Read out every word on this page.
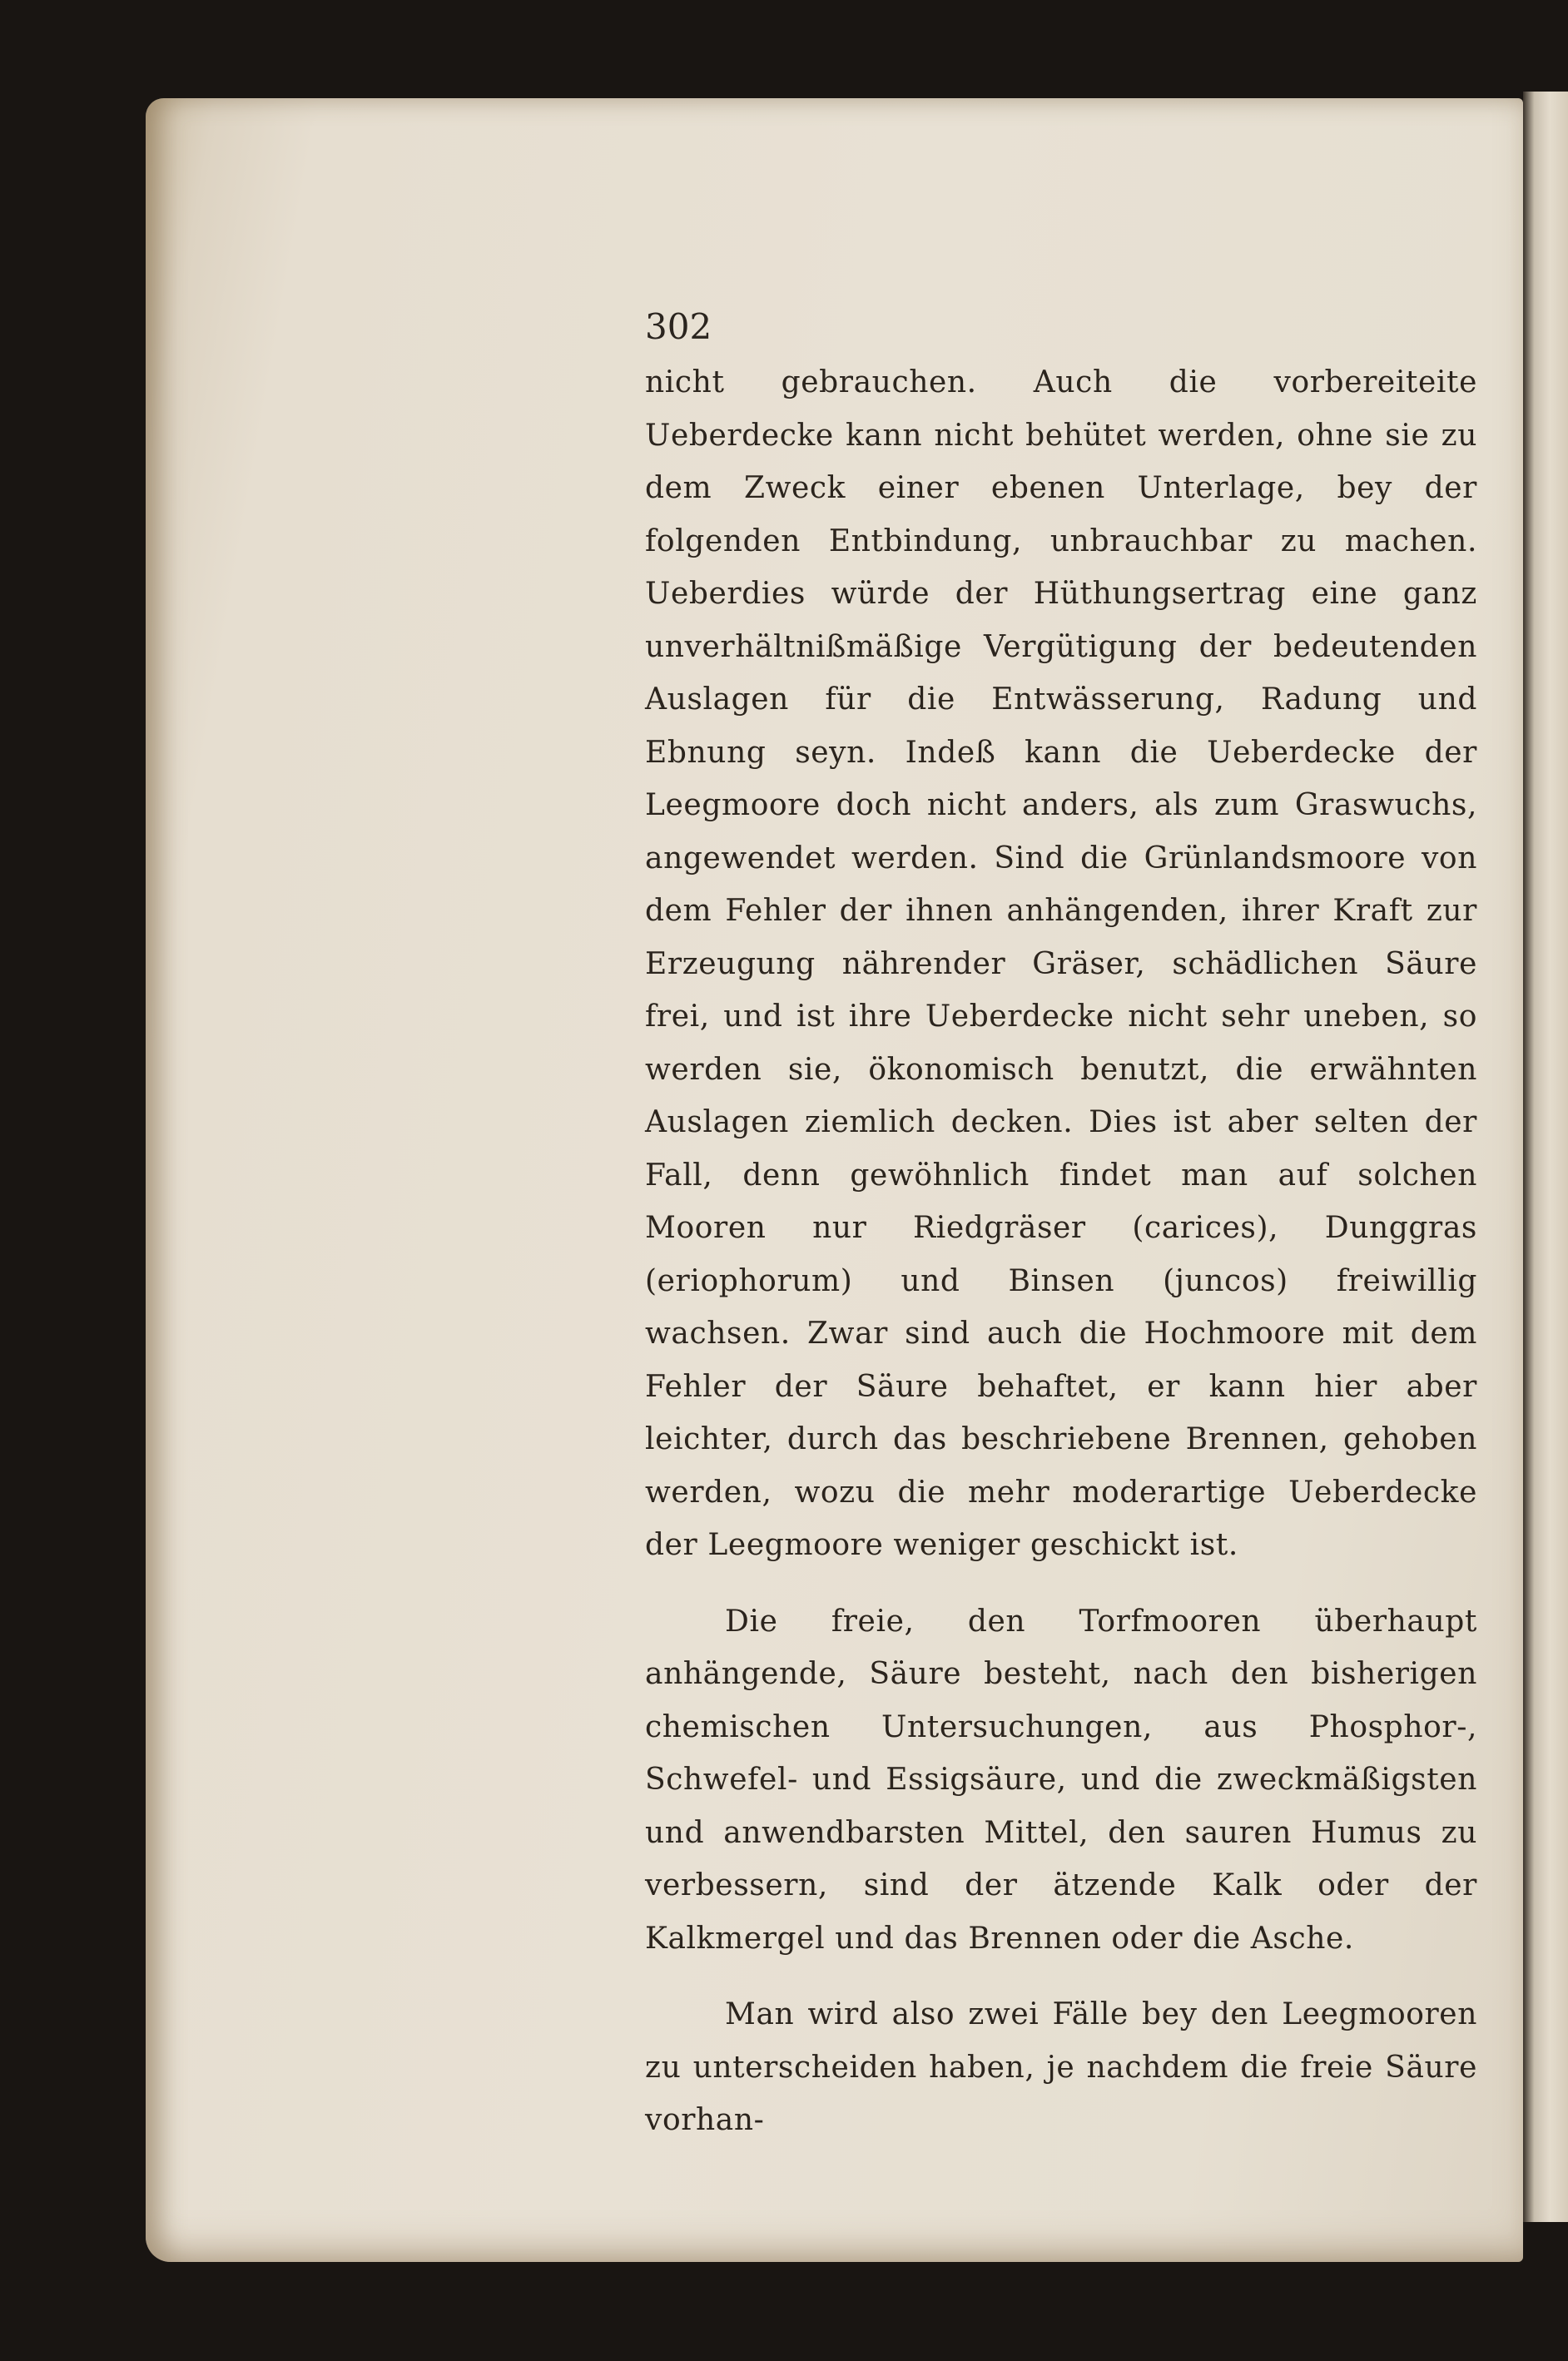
302

nicht gebrauchen. Auch die vorbereiteite Ueberdecke kann nicht behütet werden, ohne sie zu dem Zweck einer ebenen Unterlage, bey der folgenden Entbindung, unbrauchbar zu machen. Ueberdies würde der Hüthungsertrag eine ganz unverhältnißmäßige Vergütigung der bedeutenden Auslagen für die Entwässerung, Radung und Ebnung seyn. Indeß kann die Ueberdecke der Leegmoore doch nicht anders, als zum Graswuchs, angewendet werden. Sind die Grünlandsmoore von dem Fehler der ihnen anhängenden, ihrer Kraft zur Erzeugung nährender Gräser, schädlichen Säure frei, und ist ihre Ueberdecke nicht sehr uneben, so werden sie, ökonomisch benutzt, die erwähnten Auslagen ziemlich decken. Dies ist aber selten der Fall, denn gewöhnlich findet man auf solchen Mooren nur Riedgräser (carices), Dunggras (eriophorum) und Binsen (juncos) freiwillig wachsen. Zwar sind auch die Hochmoore mit dem Fehler der Säure behaftet, er kann hier aber leichter, durch das beschriebene Brennen, gehoben werden, wozu die mehr moderartige Ueberdecke der Leegmoore weniger geschickt ist.

Die freie, den Torfmooren überhaupt anhängende, Säure besteht, nach den bisherigen chemischen Untersuchungen, aus Phosphor-, Schwefel- und Essigsäure, und die zweckmäßigsten und anwendbarsten Mittel, den sauren Humus zu verbessern, sind der ätzende Kalk oder der Kalkmergel und das Brennen oder die Asche.

Man wird also zwei Fälle bey den Leegmooren zu unterscheiden haben, je nachdem die freie Säure vorhan-
